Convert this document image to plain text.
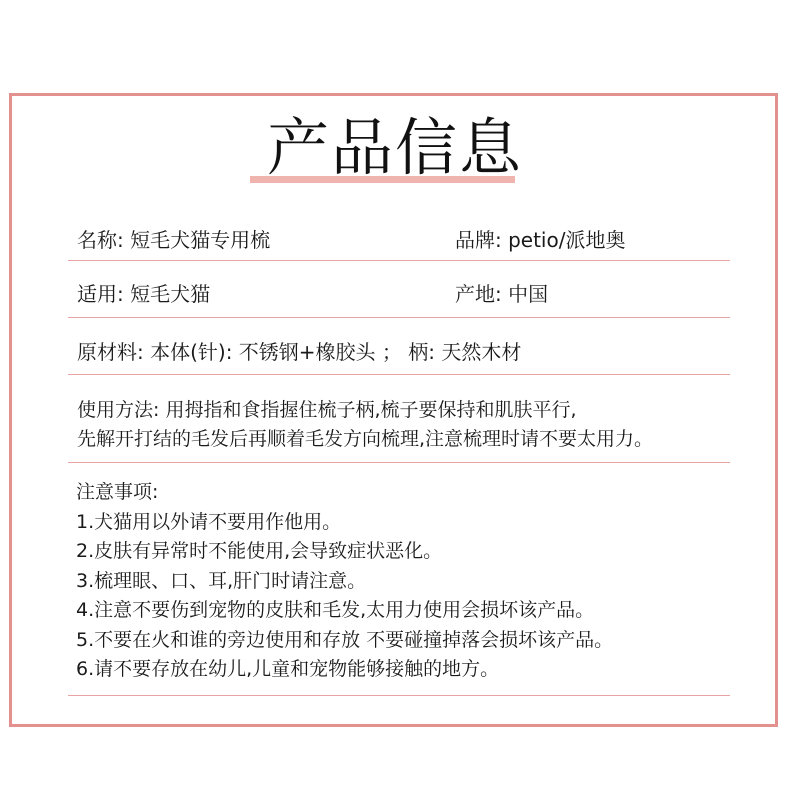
产品信息
名称: 短毛犬猫专用梳	品牌: petio/派地奥
适用: 短毛犬猫	产地: 中国
原材料: 本体(针): 不锈钢+橡胶头 ； 柄: 天然木材
使用方法: 用拇指和食指握住梳子柄,梳子要保持和肌肤平行,
先解开打结的毛发后再顺着毛发方向梳理,注意梳理时请不要太用力。
注意事项:
1.犬猫用以外请不要用作他用。
2.皮肤有异常时不能使用,会导致症状恶化。
3.梳理眼、口、耳,肝门时请注意。
4.注意不要伤到宠物的皮肤和毛发,太用力使用会损坏该产品。
5.不要在火和谁的旁边使用和存放 不要碰撞掉落会损坏该产品。
6.请不要存放在幼儿,儿童和宠物能够接触的地方。
